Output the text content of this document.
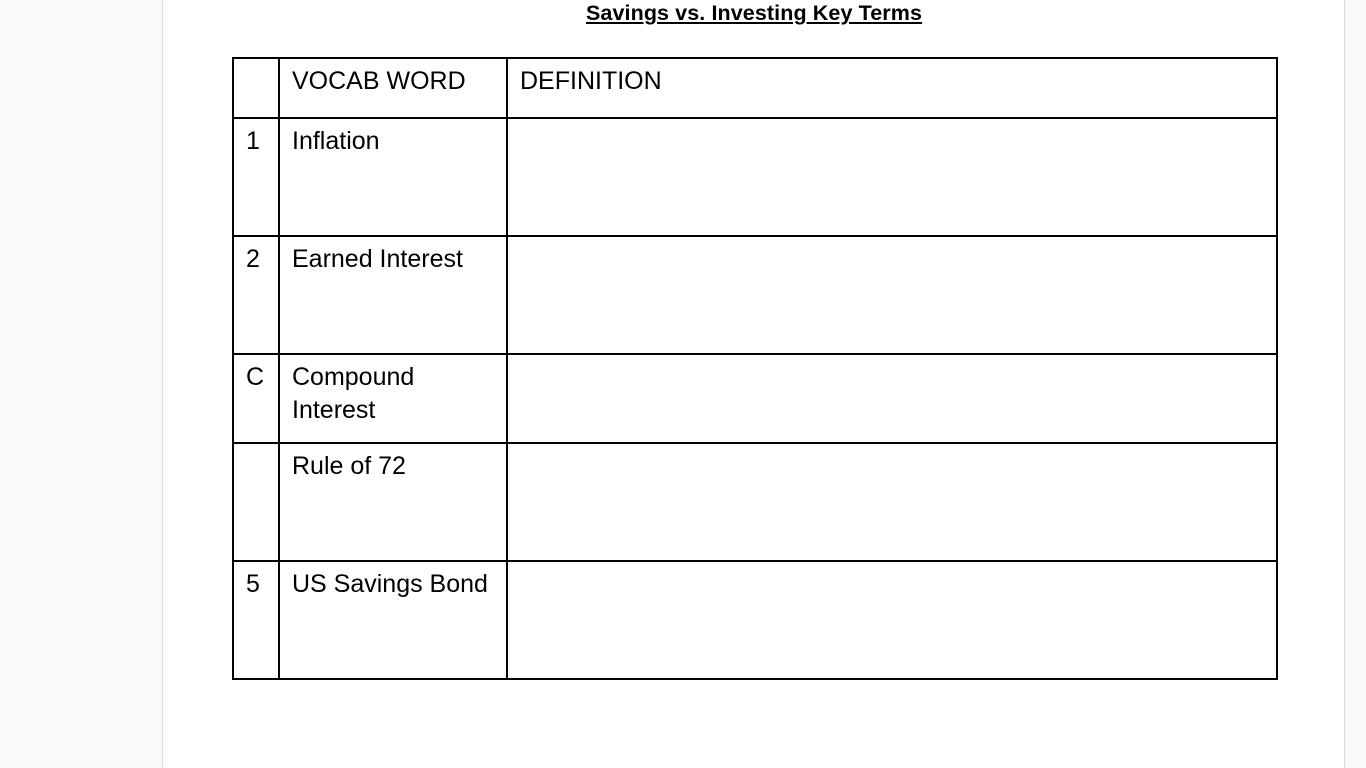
Savings vs. Investing Key Terms
	VOCAB WORD	DEFINITION
1	Inflation	
2	Earned Interest	
C	Compound Interest	
	Rule of 72	
5	US Savings Bond	
